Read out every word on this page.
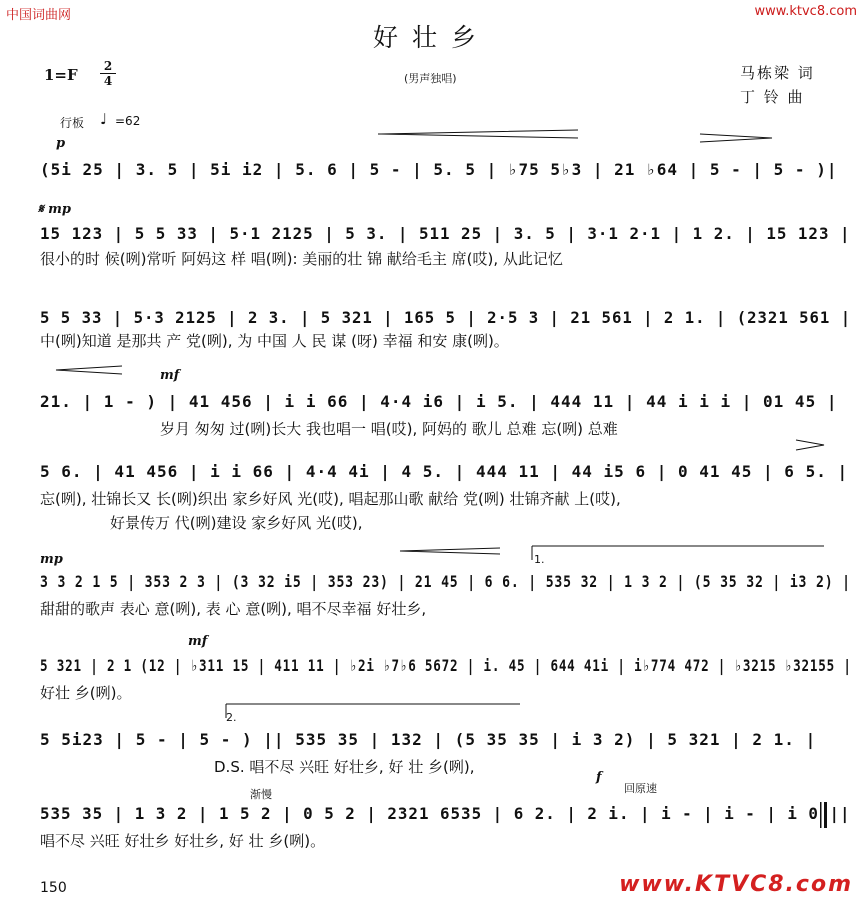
中国词曲网	www.ktvc8.com
好壮乡
1=F	2
4	(男声独唱)	马栋梁 词
丁 铃 曲
行板 ♩ =62
2.
1.
p
𝄋 mp
mf
mp
mf
f
渐慢	回原速
(5i 25 | 3. 5 | 5i i2 | 5. 6 | 5 - | 5. 5 | ♭75 5♭3 | 21 ♭64 | 5 - | 5 - )|
15 123 | 5 5 33 | 5·1 2125 | 5 3. | 511 25 | 3. 5 | 3·1 2·1 | 1 2. | 15 123 |
很小的时 候(咧)常听 阿妈这 样 唱(咧): 美丽的壮 锦 献给毛主 席(哎), 从此记忆
5 5 33 | 5·3 2125 | 2 3. | 5 321 | 165 5 | 2·5 3 | 21 561 | 2 1. | (2321 561 |
中(咧)知道 是那共 产 党(咧), 为 中国 人 民 谋 (呀) 幸福 和安 康(咧)。
21. | 1 - ) | 41 456 | i i 66 | 4·4 i6 | i 5. | 444 11 | 44 i i i | 01 45 |
岁月 匆匆 过(咧)长大 我也唱一 唱(哎), 阿妈的 歌儿 总难 忘(咧) 总难
5 6. | 41 456 | i i 66 | 4·4 4i | 4 5. | 444 11 | 44 i5 6 | 0 41 45 | 6 5. |
忘(咧), 壮锦长又 长(咧)织出 家乡好风 光(哎), 唱起那山歌 献给 党(咧) 壮锦齐献 上(哎),
好景传万 代(咧)建设 家乡好风 光(哎),
3 3 2 1 5 | 353 2 3 | (3 32 i5 | 353 23) | 21 45 | 6 6. | 535 32 | 1 3 2 | (5 35 32 | i3 2) |
甜甜的歌声 表心 意(咧), 表 心 意(咧), 唱不尽幸福 好壮乡,
5 321 | 2 1 (12 | ♭311 15 | 411 11 | ♭2i ♭7♭6 5672 | i. 45 | 644 41i | i♭774 472 | ♭3215 ♭32155 |
好壮 乡(咧)。
5 5i23 | 5 - | 5 - ) || 535 35 | 132 | (5 35 35 | i 3 2) | 5 321 | 2 1. |
D.S. 唱不尽 兴旺 好壮乡, 好 壮 乡(咧),
535 35 | 1 3 2 | 1 5 2 | 0 5 2 | 2321 6535 | 6 2. | 2 i. | i - | i - | i 0 ||
唱不尽 兴旺 好壮乡 好壮乡, 好 壮 乡(咧)。
150	www.KTVC8.com
